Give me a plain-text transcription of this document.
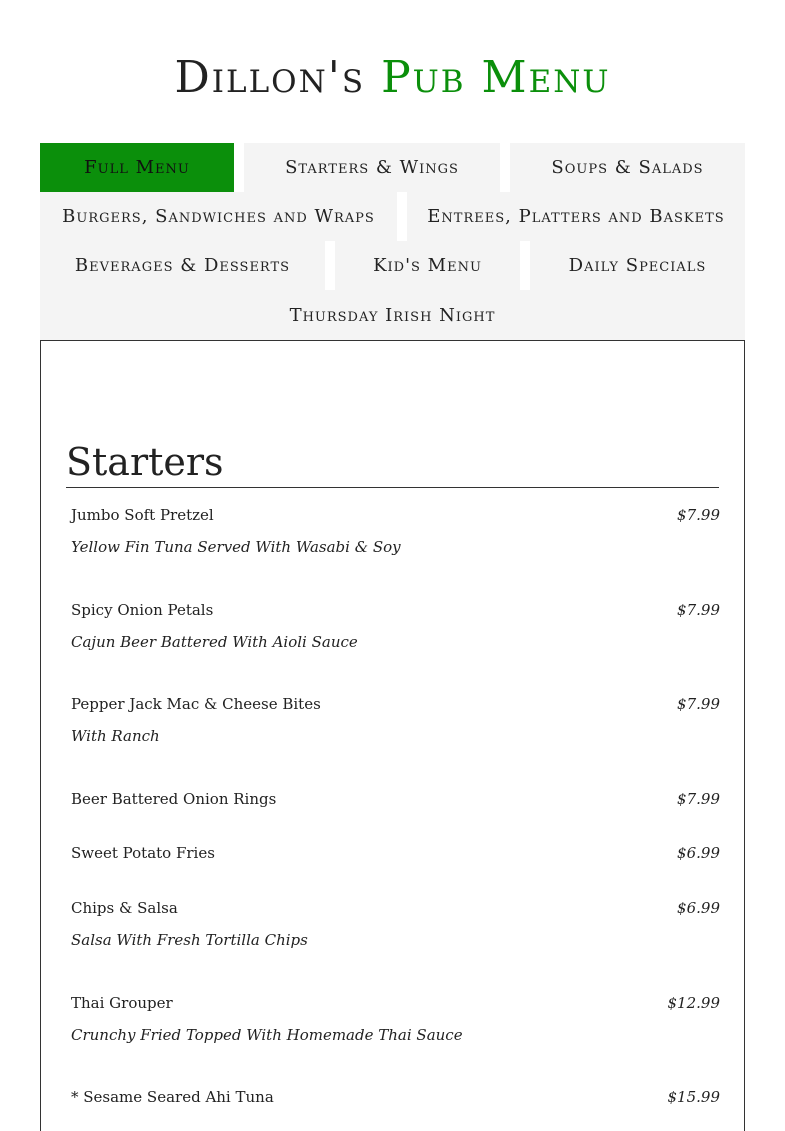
Dillon's Pub Menu
Full Menu	Starters & Wings	Soups & Salads
Burgers, Sandwiches and Wraps	Entrees, Platters and Baskets
Beverages & Desserts	Kid's Menu	Daily Specials
Thursday Irish Night
Starters
Jumbo Soft Pretzel	$7.99
Yellow Fin Tuna Served With Wasabi & Soy
Spicy Onion Petals	$7.99
Cajun Beer Battered With Aioli Sauce
Pepper Jack Mac & Cheese Bites	$7.99
With Ranch
Beer Battered Onion Rings	$7.99
Sweet Potato Fries	$6.99
Chips & Salsa	$6.99
Salsa With Fresh Tortilla Chips
Thai Grouper	$12.99
Crunchy Fried Topped With Homemade Thai Sauce
* Sesame Seared Ahi Tuna	$15.99
